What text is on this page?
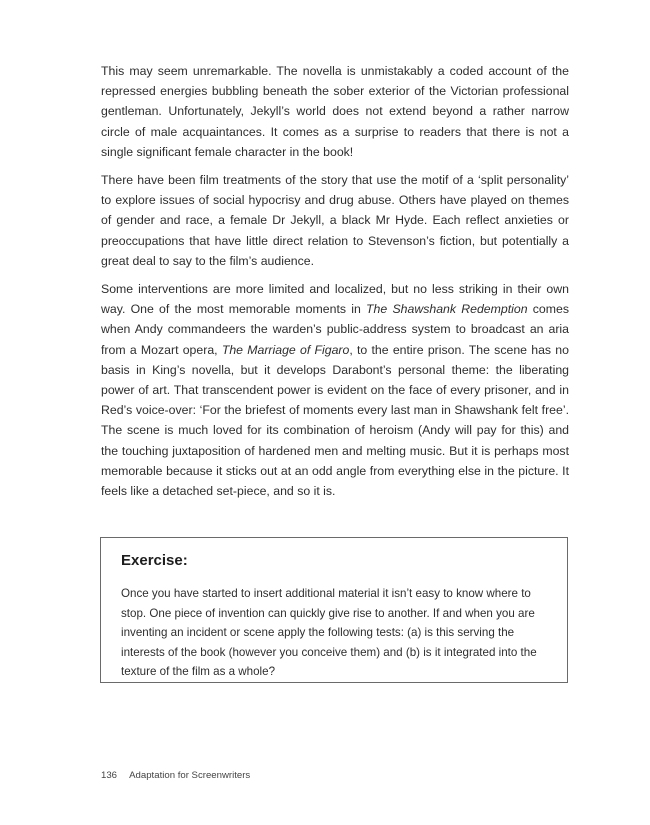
This may seem unremarkable. The novella is unmistakably a coded account of the repressed energies bubbling beneath the sober exterior of the Victorian professional gentleman. Unfortunately, Jekyll’s world does not extend beyond a rather narrow circle of male acquaintances. It comes as a surprise to readers that there is not a single significant female character in the book!

There have been film treatments of the story that use the motif of a ‘split personality’ to explore issues of social hypocrisy and drug abuse. Others have played on themes of gender and race, a female Dr Jekyll, a black Mr Hyde. Each reflect anxieties or preoccupations that have little direct relation to Stevenson’s fiction, but potentially a great deal to say to the film’s audience.

Some interventions are more limited and localized, but no less striking in their own way. One of the most memorable moments in The Shawshank Redemption comes when Andy commandeers the warden’s public-address system to broadcast an aria from a Mozart opera, The Marriage of Figaro, to the entire prison. The scene has no basis in King’s novella, but it develops Darabont’s personal theme: the liberating power of art. That transcendent power is evident on the face of every prisoner, and in Red’s voice-over: ‘For the briefest of moments every last man in Shawshank felt free’. The scene is much loved for its combination of heroism (Andy will pay for this) and the touching juxtaposition of hardened men and melting music. But it is perhaps most memorable because it sticks out at an odd angle from everything else in the picture. It feels like a detached set-piece, and so it is.

Exercise:

Once you have started to insert additional material it isn’t easy to know where to stop. One piece of invention can quickly give rise to another. If and when you are inventing an incident or scene apply the following tests: (a) is this serving the interests of the book (however you conceive them) and (b) is it integrated into the texture of the film as a whole?

136 Adaptation for Screenwriters
